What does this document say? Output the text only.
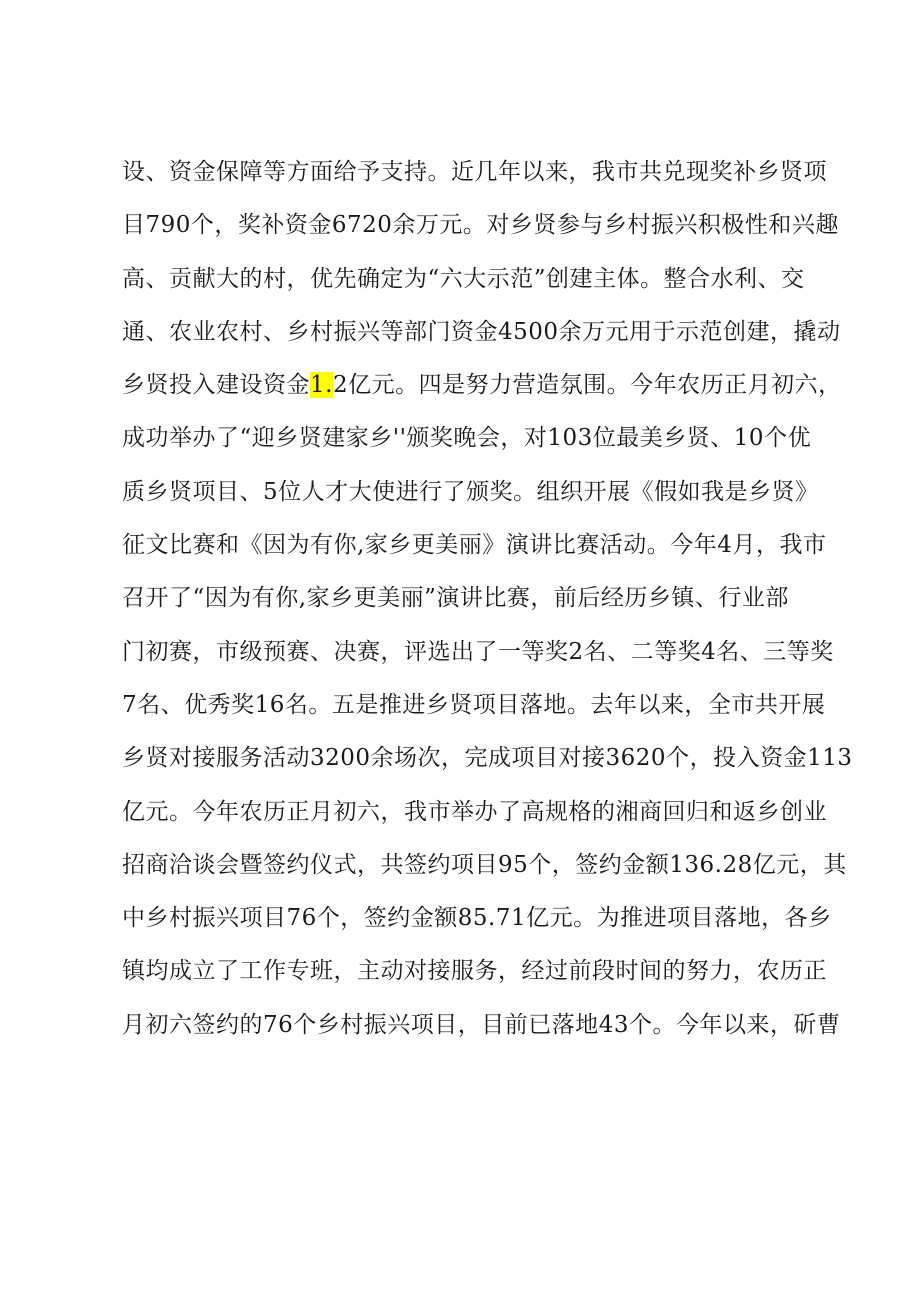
设、资金保障等方面给予支持。近几年以来，我市共兑现奖补乡贤项
目790个，奖补资金6720余万元。对乡贤参与乡村振兴积极性和兴趣
高、贡献大的村，优先确定为“六大示范”创建主体。整合水利、交
通、农业农村、乡村振兴等部门资金4500余万元用于示范创建，撬动
乡贤投入建设资金1.2亿元。四是努力营造氛围。今年农历正月初六，
成功举办了“迎乡贤建家乡''颁奖晚会，对103位最美乡贤、10个优
质乡贤项目、5位人才大使进行了颁奖。组织开展《假如我是乡贤》
征文比赛和《因为有你,家乡更美丽》演讲比赛活动。今年4月，我市
召开了“因为有你,家乡更美丽”演讲比赛，前后经历乡镇、行业部
门初赛，市级预赛、决赛，评选出了一等奖2名、二等奖4名、三等奖
7名、优秀奖16名。五是推进乡贤项目落地。去年以来，全市共开展
乡贤对接服务活动3200余场次，完成项目对接3620个，投入资金113
亿元。今年农历正月初六，我市举办了高规格的湘商回归和返乡创业
招商洽谈会暨签约仪式，共签约项目95个，签约金额136.28亿元，其
中乡村振兴项目76个，签约金额85.71亿元。为推进项目落地，各乡
镇均成立了工作专班，主动对接服务，经过前段时间的努力，农历正
月初六签约的76个乡村振兴项目，目前已落地43个。今年以来，斫曹
